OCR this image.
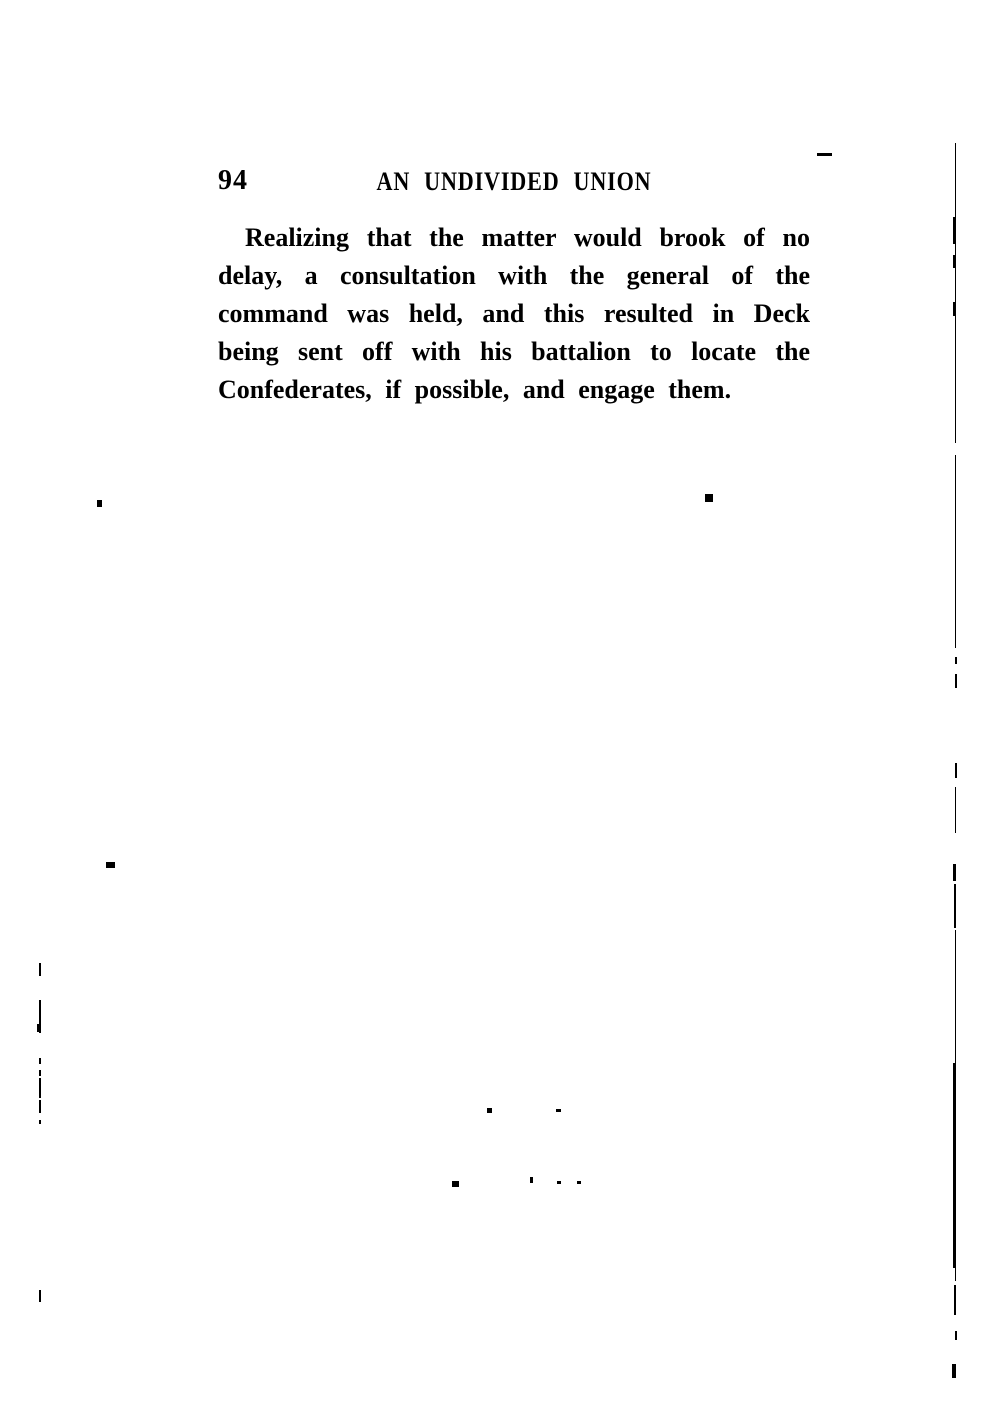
94	AN UNDIVIDED UNION
Realizing that the matter would brook of no
delay, a consultation with the general of the
command was held, and this resulted in Deck
being sent off with his battalion to locate the
Confederates, if possible, and engage them.
